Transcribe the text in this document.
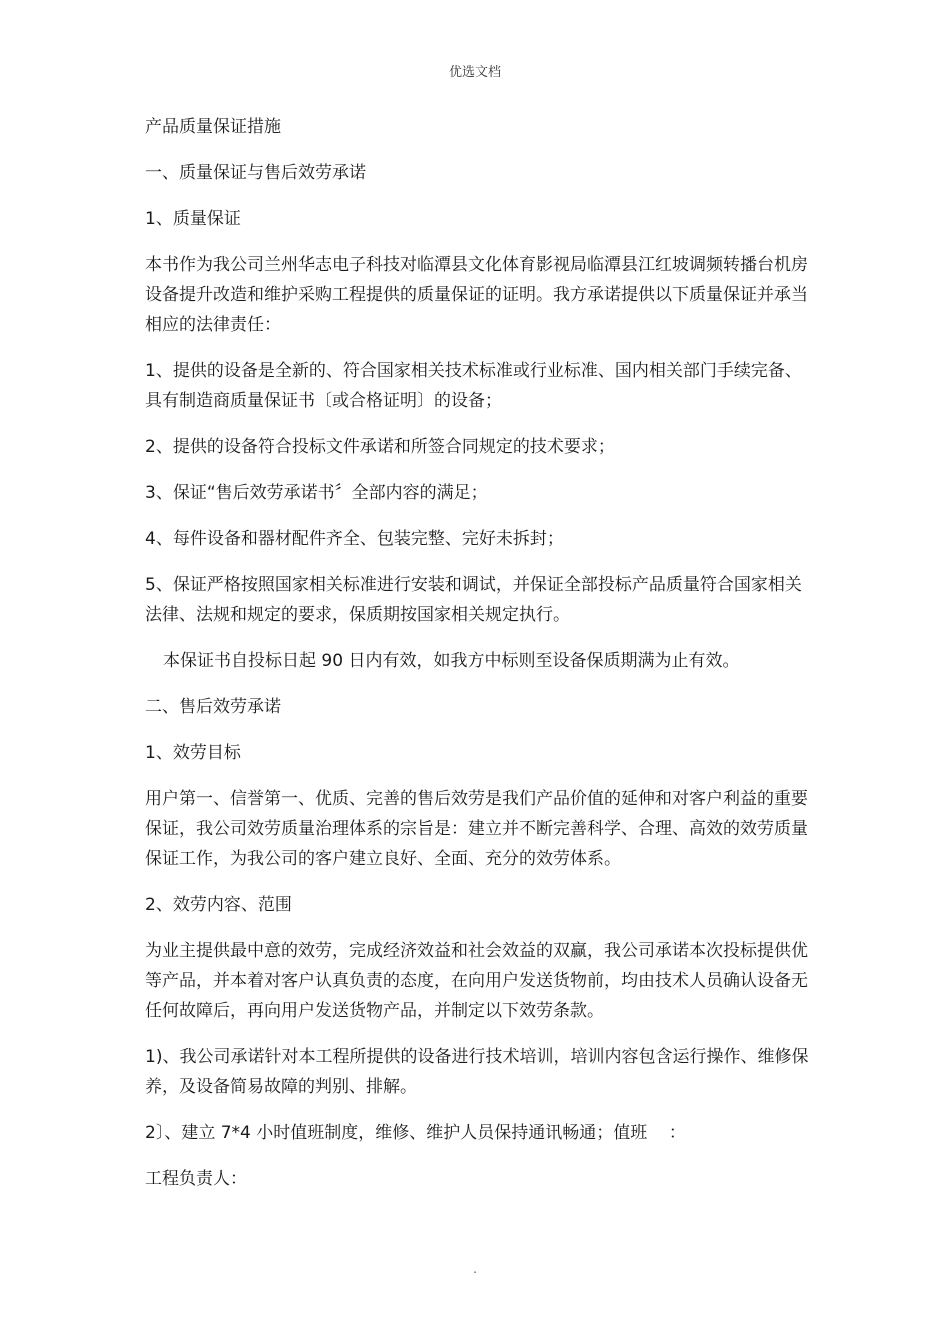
优选文档

产品质量保证措施

一、质量保证与售后效劳承诺

1、质量保证

本书作为我公司兰州华志电子科技对临潭县文化体育影视局临潭县江红坡调频转播台机房设备提升改造和维护采购工程提供的质量保证的证明。我方承诺提供以下质量保证并承当相应的法律责任：

1、提供的设备是全新的、符合国家相关技术标准或行业标准、国内相关部门手续完备、具有制造商质量保证书〔或合格证明〕的设备；

2、提供的设备符合投标文件承诺和所签合同规定的技术要求；

3、保证“售后效劳承诺书〞全部内容的满足；

4、每件设备和器材配件齐全、包装完整、完好未拆封；

5、保证严格按照国家相关标准进行安装和调试，并保证全部投标产品质量符合国家相关法律、法规和规定的要求，保质期按国家相关规定执行。

本保证书自投标日起 90 日内有效，如我方中标则至设备保质期满为止有效。

二、售后效劳承诺

1、效劳目标

用户第一、信誉第一、优质、完善的售后效劳是我们产品价值的延伸和对客户利益的重要保证，我公司效劳质量治理体系的宗旨是：建立并不断完善科学、合理、高效的效劳质量保证工作，为我公司的客户建立良好、全面、充分的效劳体系。

2、效劳内容、范围

为业主提供最中意的效劳，完成经济效益和社会效益的双赢，我公司承诺本次投标提供优等产品，并本着对客户认真负责的态度，在向用户发送货物前，均由技术人员确认设备无任何故障后，再向用户发送货物产品，并制定以下效劳条款。

1)、我公司承诺针对本工程所提供的设备进行技术培训，培训内容包含运行操作、维修保养，及设备简易故障的判别、排解。

2〕、建立 7*4 小时值班制度，维修、维护人员保持通讯畅通；值班    ：

工程负责人：

.
